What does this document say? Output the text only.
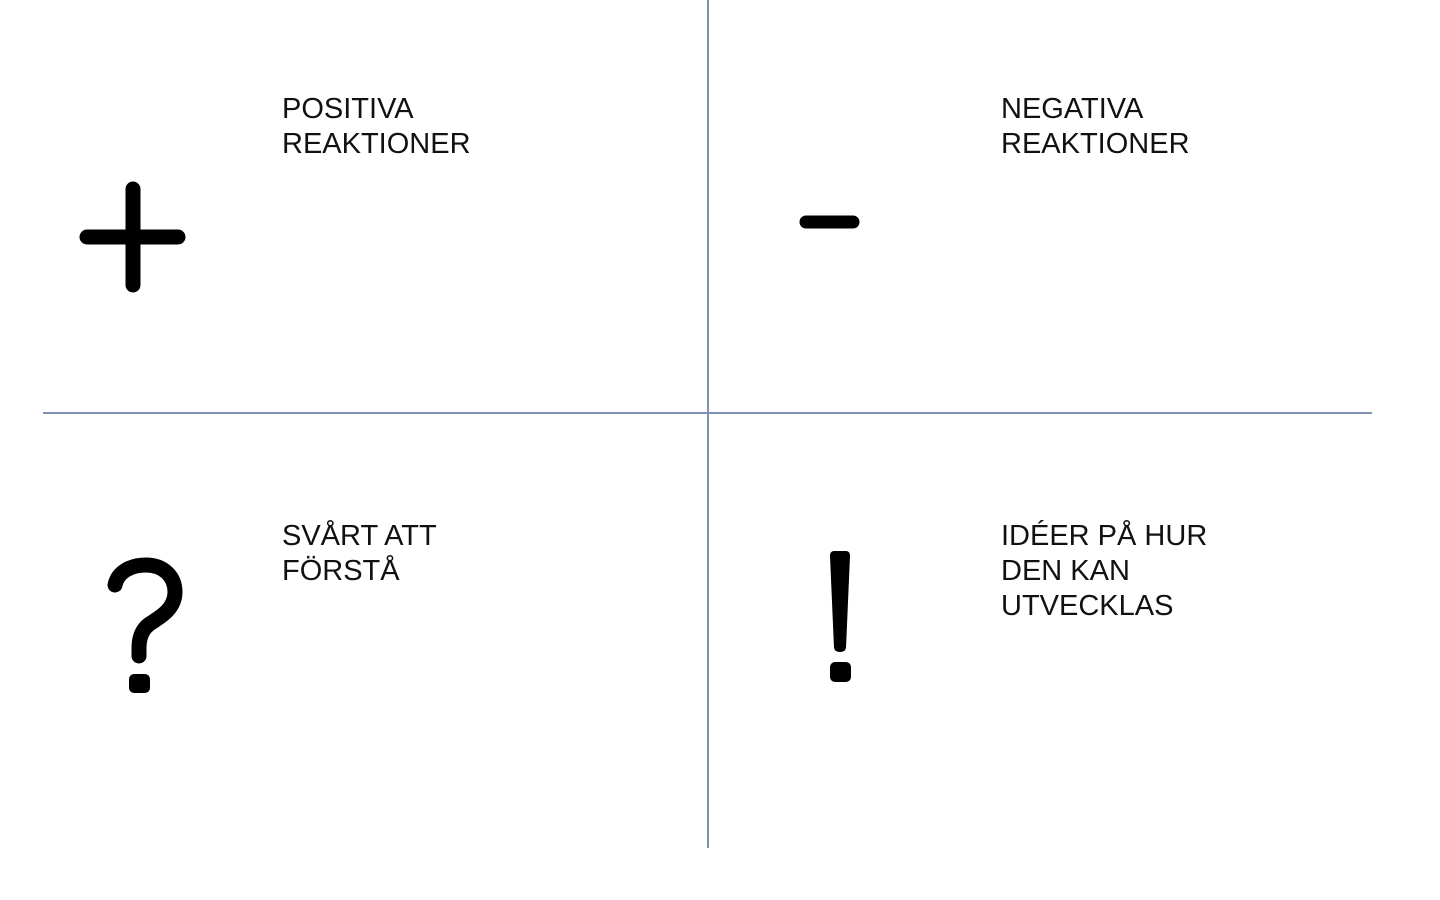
POSITIVA
REAKTIONER
NEGATIVA
REAKTIONER
SVÅRT ATT
FÖRSTÅ
IDÉER PÅ HUR
DEN KAN
UTVECKLAS
